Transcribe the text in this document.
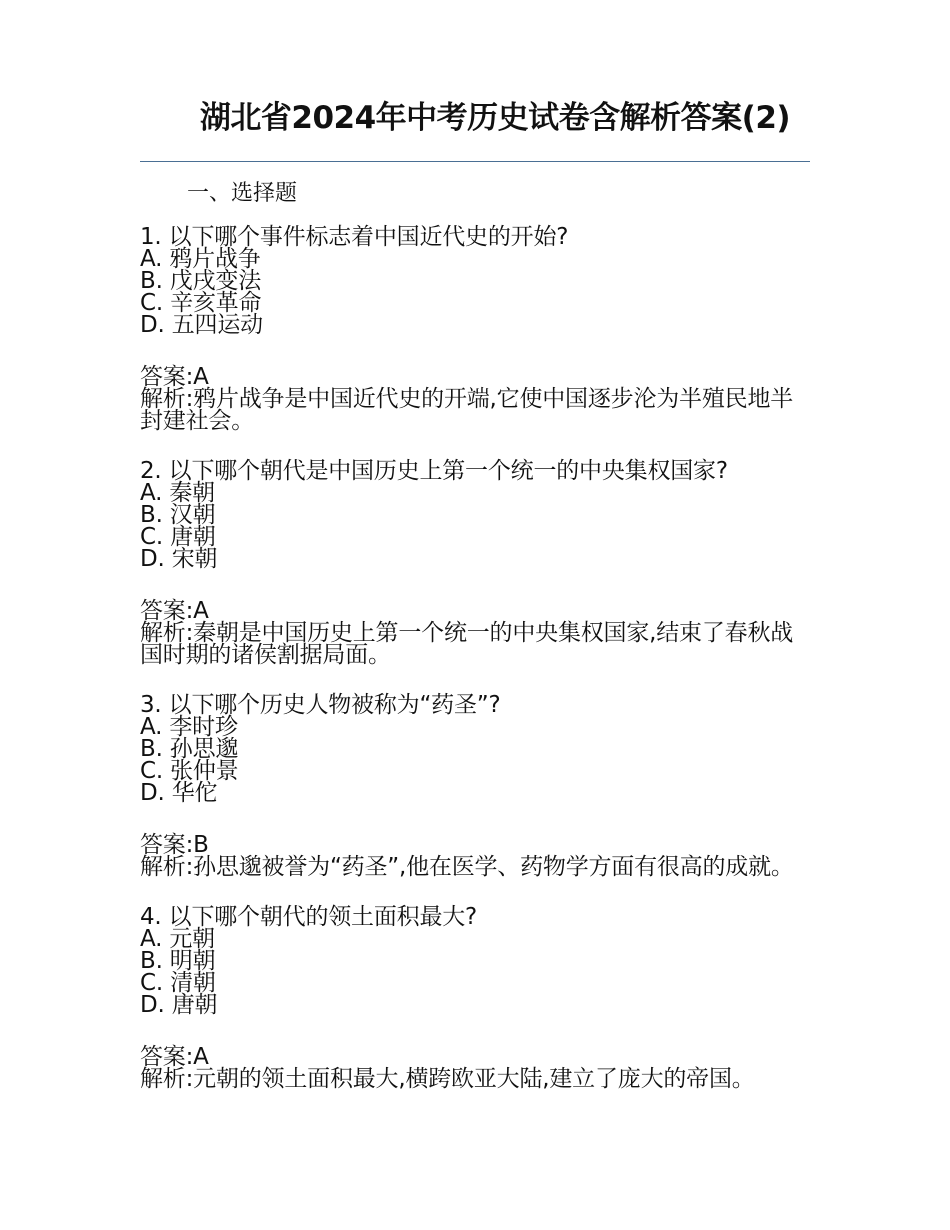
湖北省2024年中考历史试卷含解析答案(2)
一、选择题
1. 以下哪个事件标志着中国近代史的开始?
A. 鸦片战争
B. 戊戌变法
C. 辛亥革命
D. 五四运动
答案:A
解析:鸦片战争是中国近代史的开端,它使中国逐步沦为半殖民地半封建社会。
2. 以下哪个朝代是中国历史上第一个统一的中央集权国家?
A. 秦朝
B. 汉朝
C. 唐朝
D. 宋朝
答案:A
解析:秦朝是中国历史上第一个统一的中央集权国家,结束了春秋战国时期的诸侯割据局面。
3. 以下哪个历史人物被称为“药圣”?
A. 李时珍
B. 孙思邈
C. 张仲景
D. 华佗
答案:B
解析:孙思邈被誉为“药圣”,他在医学、药物学方面有很高的成就。
4. 以下哪个朝代的领土面积最大?
A. 元朝
B. 明朝
C. 清朝
D. 唐朝
答案:A
解析:元朝的领土面积最大,横跨欧亚大陆,建立了庞大的帝国。
